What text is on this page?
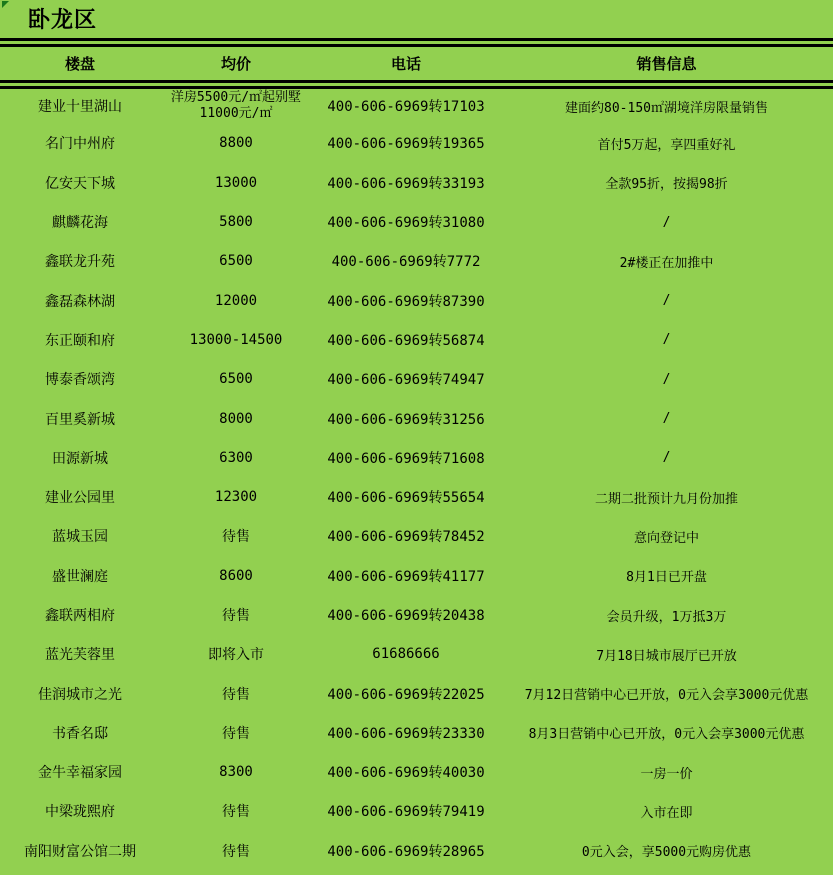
卧龙区
楼盘	均价	电话	销售信息
建业十里湖山	洋房5500元/㎡起别墅11000元/㎡	400-606-6969转17103	建面约80-150㎡湖境洋房限量销售
名门中州府	8800	400-606-6969转19365	首付5万起，享四重好礼
亿安天下城	13000	400-606-6969转33193	全款95折，按揭98折
麒麟花海	5800	400-606-6969转31080	/
鑫联龙升苑	6500	400-606-6969转7772	2#楼正在加推中
鑫磊森林湖	12000	400-606-6969转87390	/
东正颐和府	13000-14500	400-606-6969转56874	/
博泰香颂湾	6500	400-606-6969转74947	/
百里奚新城	8000	400-606-6969转31256	/
田源新城	6300	400-606-6969转71608	/
建业公园里	12300	400-606-6969转55654	二期二批预计九月份加推
蓝城玉园	待售	400-606-6969转78452	意向登记中
盛世澜庭	8600	400-606-6969转41177	8月1日已开盘
鑫联两相府	待售	400-606-6969转20438	会员升级，1万抵3万
蓝光芙蓉里	即将入市	61686666	7月18日城市展厅已开放
佳润城市之光	待售	400-606-6969转22025	7月12日营销中心已开放，0元入会享3000元优惠
书香名邸	待售	400-606-6969转23330	8月3日营销中心已开放，0元入会享3000元优惠
金牛幸福家园	8300	400-606-6969转40030	一房一价
中梁珑熙府	待售	400-606-6969转79419	入市在即
南阳财富公馆二期	待售	400-606-6969转28965	0元入会，享5000元购房优惠
